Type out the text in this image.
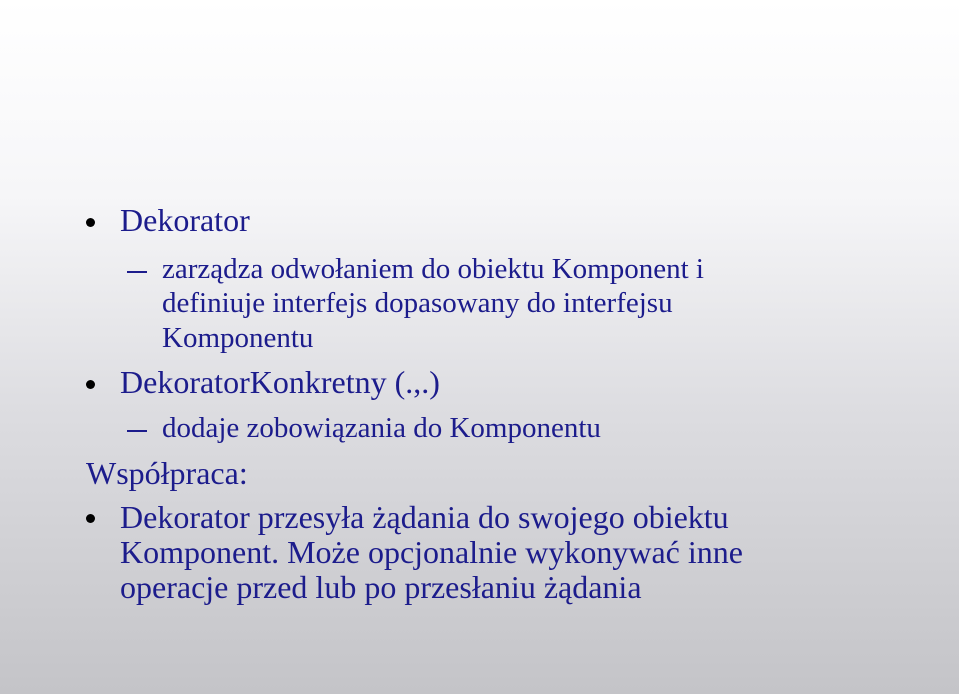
Dekorator
zarządza odwołaniem do obiektu Komponent i
definiuje interfejs dopasowany do interfejsu
Komponentu
DekoratorKonkretny (.,.)
dodaje zobowiązania do Komponentu
Współpraca:
Dekorator przesyła żądania do swojego obiektu
Komponent. Może opcjonalnie wykonywać inne
operacje przed lub po przesłaniu żądania
